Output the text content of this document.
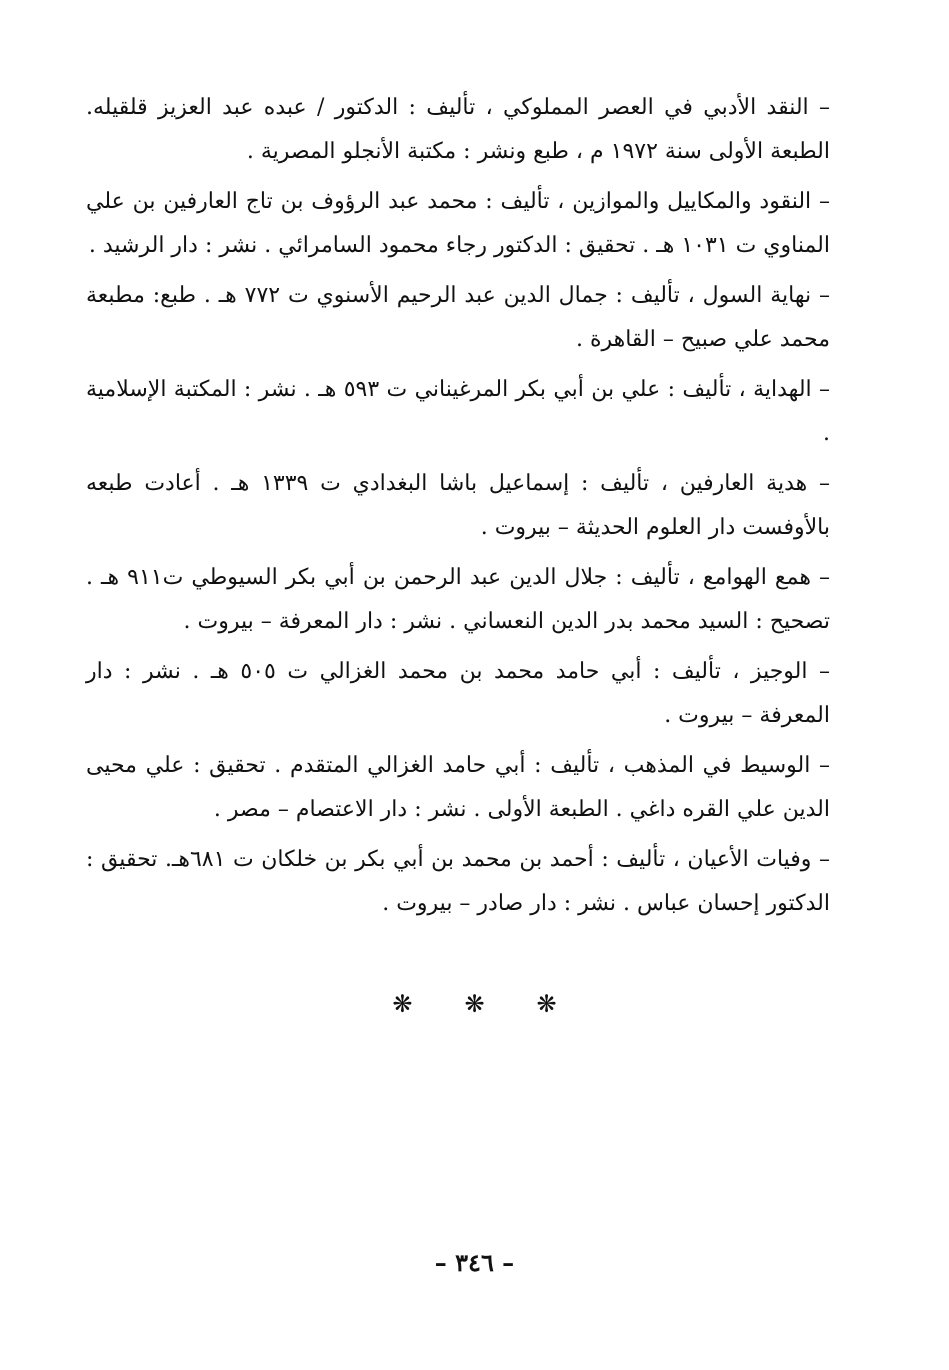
– النقد الأدبي في العصر المملوكي ، تأليف : الدكتور / عبده عبد العزيز قلقيله. الطبعة الأولى سنة ١٩٧٢ م ، طبع ونشر : مكتبة الأنجلو المصرية .

– النقود والمكاييل والموازين ، تأليف : محمد عبد الرؤوف بن تاج العارفين بن علي المناوي ت ١٠٣١ هـ . تحقيق : الدكتور رجاء محمود السامرائي . نشر : دار الرشيد .

– نهاية السول ، تأليف : جمال الدين عبد الرحيم الأسنوي ت ٧٧٢ هـ . طبع: مطبعة محمد علي صبيح – القاهرة .

– الهداية ، تأليف : علي بن أبي بكر المرغيناني ت ٥٩٣ هـ . نشر : المكتبة الإسلامية .

– هدية العارفين ، تأليف : إسماعيل باشا البغدادي ت ١٣٣٩ هـ . أعادت طبعه بالأوفست دار العلوم الحديثة – بيروت .

– همع الهوامع ، تأليف : جلال الدين عبد الرحمن بن أبي بكر السيوطي ت٩١١ هـ . تصحيح : السيد محمد بدر الدين النعساني . نشر : دار المعرفة – بيروت .

– الوجيز ، تأليف : أبي حامد محمد بن محمد الغزالي ت ٥٠٥ هـ . نشر : دار المعرفة – بيروت .

– الوسيط في المذهب ، تأليف : أبي حامد الغزالي المتقدم . تحقيق : علي محيى الدين علي القره داغي . الطبعة الأولى . نشر : دار الاعتصام – مصر .

– وفيات الأعيان ، تأليف : أحمد بن محمد بن أبي بكر بن خلكان ت ٦٨١هـ. تحقيق : الدكتور إحسان عباس . نشر : دار صادر – بيروت .

❋ ❋ ❋
– ٣٤٦ –
